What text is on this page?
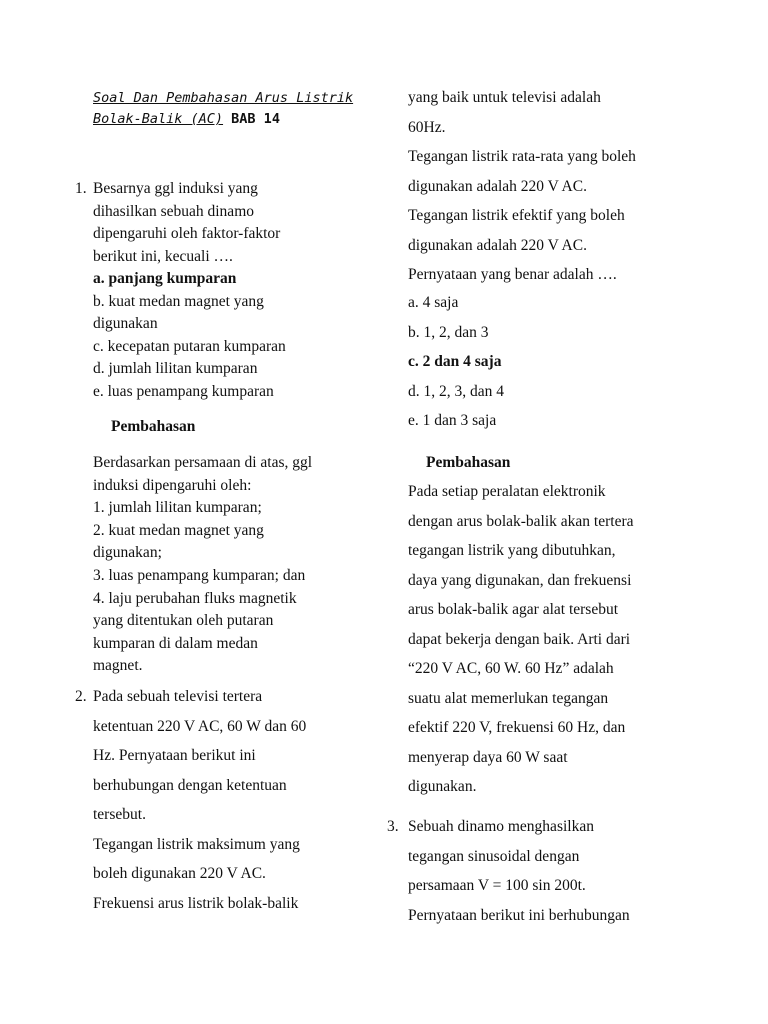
Soal Dan Pembahasan Arus Listrik
Bolak-Balik (AC) BAB 14
1. Besarnya ggl induksi yang
dihasilkan sebuah dinamo
dipengaruhi oleh faktor-faktor
berikut ini, kecuali ….
a. panjang kumparan
b. kuat medan magnet yang
digunakan
c. kecepatan putaran kumparan
d. jumlah lilitan kumparan
e. luas penampang kumparan
Pembahasan
Berdasarkan persamaan di atas, ggl
induksi dipengaruhi oleh:
1. jumlah lilitan kumparan;
2. kuat medan magnet yang
digunakan;
3. luas penampang kumparan; dan
4. laju perubahan fluks magnetik
yang ditentukan oleh putaran
kumparan di dalam medan
magnet.
2. Pada sebuah televisi tertera
ketentuan 220 V AC, 60 W dan 60
Hz. Pernyataan berikut ini
berhubungan dengan ketentuan
tersebut.
Tegangan listrik maksimum yang
boleh digunakan 220 V AC.
Frekuensi arus listrik bolak-balik
yang baik untuk televisi adalah
60Hz.
Tegangan listrik rata-rata yang boleh
digunakan adalah 220 V AC.
Tegangan listrik efektif yang boleh
digunakan adalah 220 V AC.
Pernyataan yang benar adalah ….
a. 4 saja
b. 1, 2, dan 3
c. 2 dan 4 saja
d. 1, 2, 3, dan 4
e. 1 dan 3 saja
Pembahasan
Pada setiap peralatan elektronik
dengan arus bolak-balik akan tertera
tegangan listrik yang dibutuhkan,
daya yang digunakan, dan frekuensi
arus bolak-balik agar alat tersebut
dapat bekerja dengan baik. Arti dari
“220 V AC, 60 W. 60 Hz” adalah
suatu alat memerlukan tegangan
efektif 220 V, frekuensi 60 Hz, dan
menyerap daya 60 W saat
digunakan.
3. Sebuah dinamo menghasilkan
tegangan sinusoidal dengan
persamaan V = 100 sin 200t.
Pernyataan berikut ini berhubungan
